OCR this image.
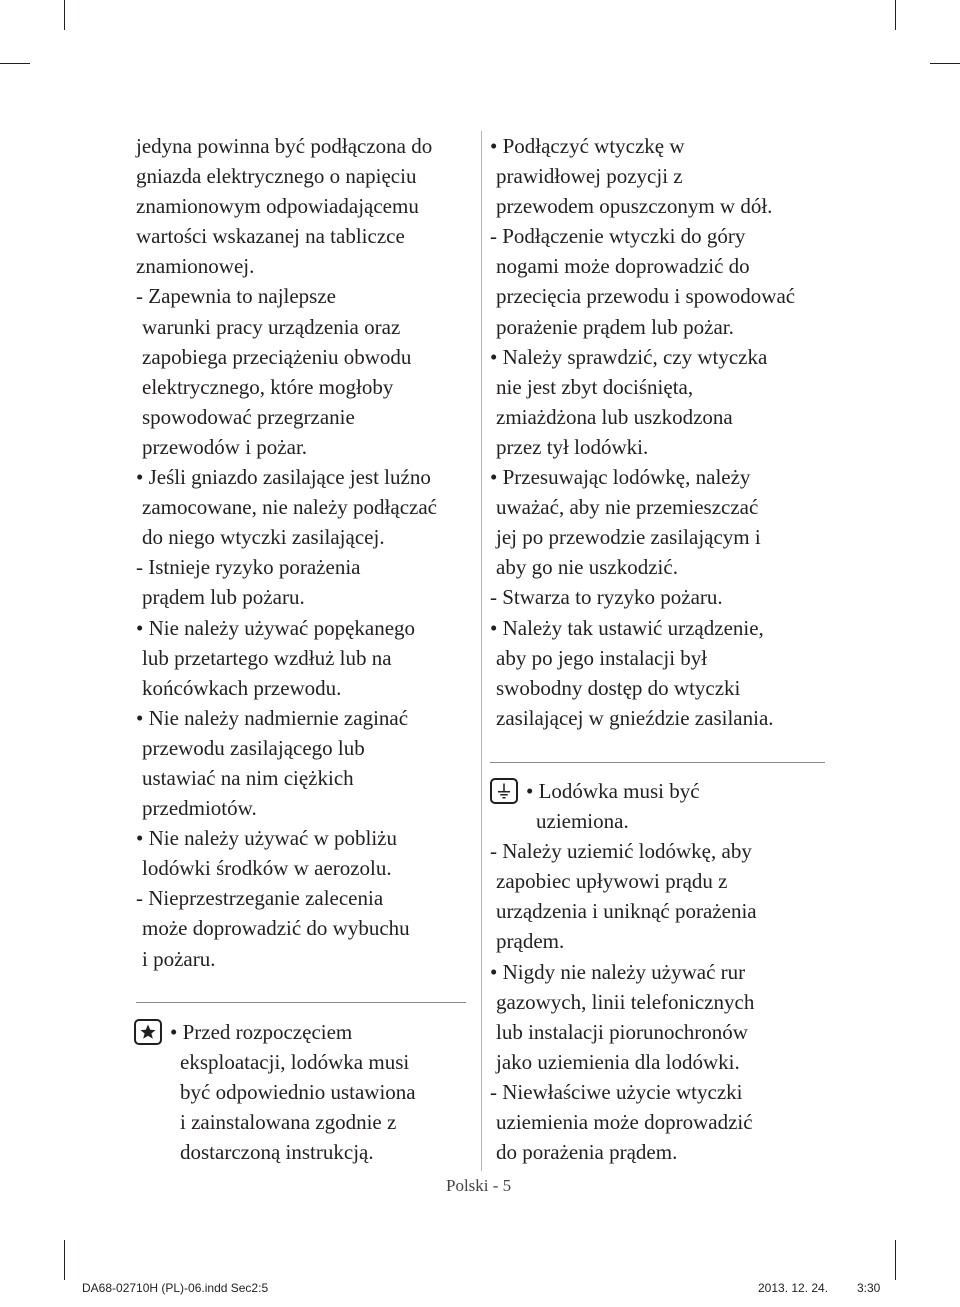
jedyna powinna być podłączona do

gniazda elektrycznego o napięciu

znamionowym odpowiadającemu

wartości wskazanej na tabliczce

znamionowej.

- Zapewnia to najlepsze

warunki pracy urządzenia oraz

zapobiega przeciążeniu obwodu

elektrycznego, które mogłoby

spowodować przegrzanie

przewodów i pożar.

• Jeśli gniazdo zasilające jest luźno

zamocowane, nie należy podłączać

do niego wtyczki zasilającej.

- Istnieje ryzyko porażenia

prądem lub pożaru.

• Nie należy używać popękanego

lub przetartego wzdłuż lub na

końcówkach przewodu.

• Nie należy nadmiernie zaginać

przewodu zasilającego lub

ustawiać na nim ciężkich

przedmiotów.

• Nie należy używać w pobliżu

lodówki środków w aerozolu.

- Nieprzestrzeganie zalecenia

może doprowadzić do wybuchu

i pożaru.

• Przed rozpoczęciem

eksploatacji, lodówka musi

być odpowiednio ustawiona

i zainstalowana zgodnie z

dostarczoną instrukcją.

• Podłączyć wtyczkę w

prawidłowej pozycji z

przewodem opuszczonym w dół.

- Podłączenie wtyczki do góry

nogami może doprowadzić do

przecięcia przewodu i spowodować

porażenie prądem lub pożar.

• Należy sprawdzić, czy wtyczka

nie jest zbyt dociśnięta,

zmiażdżona lub uszkodzona

przez tył lodówki.

• Przesuwając lodówkę, należy

uważać, aby nie przemieszczać

jej po przewodzie zasilającym i

aby go nie uszkodzić.

- Stwarza to ryzyko pożaru.

• Należy tak ustawić urządzenie,

aby po jego instalacji był

swobodny dostęp do wtyczki

zasilającej w gnieździe zasilania.

• Lodówka musi być

uziemiona.

- Należy uziemić lodówkę, aby

zapobiec upływowi prądu z

urządzenia i uniknąć porażenia

prądem.

• Nigdy nie należy używać rur

gazowych, linii telefonicznych

lub instalacji piorunochronów

jako uziemienia dla lodówki.

- Niewłaściwe użycie wtyczki

uziemienia może doprowadzić

do porażenia prądem.

Polski - 5
DA68-02710H (PL)-06.indd Sec2:5	2013. 12. 24. 3:30
